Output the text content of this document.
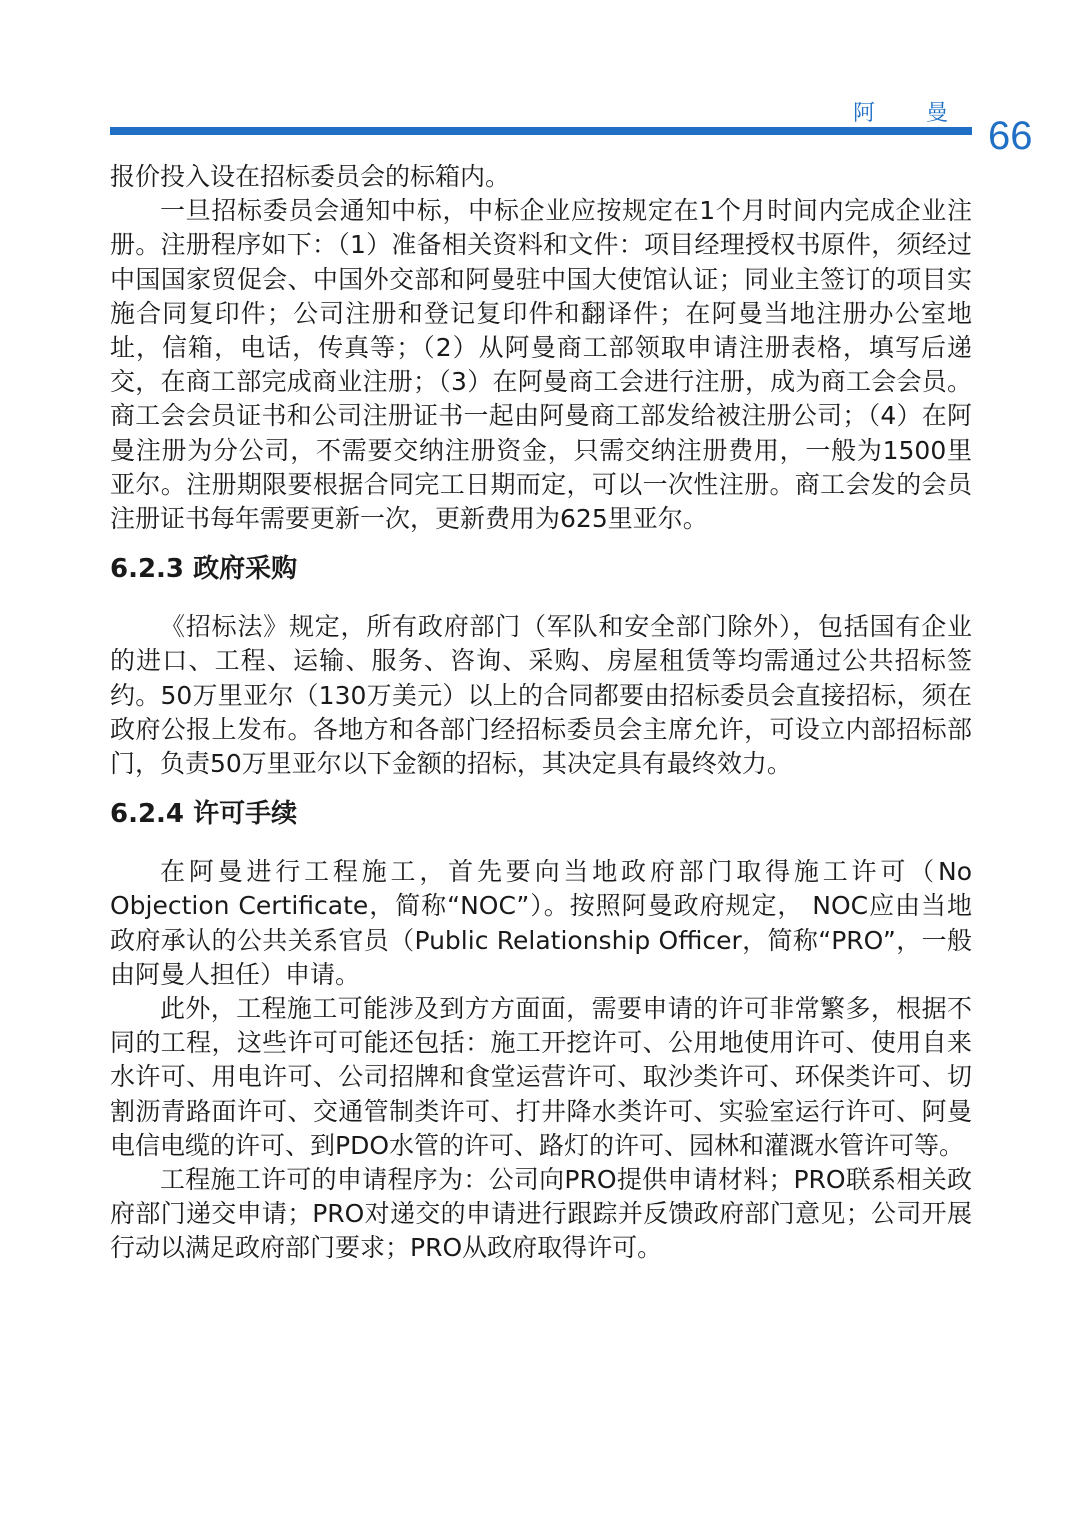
阿 曼
66

报价投入设在招标委员会的标箱内。

一旦招标委员会通知中标，中标企业应按规定在1个月时间内完成企业注册。注册程序如下：（1）准备相关资料和文件：项目经理授权书原件，须经过中国国家贸促会、中国外交部和阿曼驻中国大使馆认证；同业主签订的项目实施合同复印件；公司注册和登记复印件和翻译件；在阿曼当地注册办公室地址，信箱，电话，传真等；（2）从阿曼商工部领取申请注册表格，填写后递交，在商工部完成商业注册；（3）在阿曼商工会进行注册，成为商工会会员。商工会会员证书和公司注册证书一起由阿曼商工部发给被注册公司；（4）在阿曼注册为分公司，不需要交纳注册资金，只需交纳注册费用，一般为1500里亚尔。注册期限要根据合同完工日期而定，可以一次性注册。商工会发的会员注册证书每年需要更新一次，更新费用为625里亚尔。

6.2.3 政府采购

《招标法》规定，所有政府部门（军队和安全部门除外），包括国有企业的进口、工程、运输、服务、咨询、采购、房屋租赁等均需通过公共招标签约。50万里亚尔（130万美元）以上的合同都要由招标委员会直接招标，须在政府公报上发布。各地方和各部门经招标委员会主席允许，可设立内部招标部门，负责50万里亚尔以下金额的招标，其决定具有最终效力。

6.2.4 许可手续

在阿曼进行工程施工，首先要向当地政府部门取得施工许可（No Objection Certificate，简称“NOC”）。按照阿曼政府规定， NOC应由当地政府承认的公共关系官员（Public Relationship Officer，简称“PRO”，一般由阿曼人担任）申请。

此外，工程施工可能涉及到方方面面，需要申请的许可非常繁多，根据不同的工程，这些许可可能还包括：施工开挖许可、公用地使用许可、使用自来水许可、用电许可、公司招牌和食堂运营许可、取沙类许可、环保类许可、切割沥青路面许可、交通管制类许可、打井降水类许可、实验室运行许可、阿曼电信电缆的许可、到PDO水管的许可、路灯的许可、园林和灌溉水管许可等。

工程施工许可的申请程序为：公司向PRO提供申请材料；PRO联系相关政府部门递交申请；PRO对递交的申请进行跟踪并反馈政府部门意见；公司开展行动以满足政府部门要求；PRO从政府取得许可。
